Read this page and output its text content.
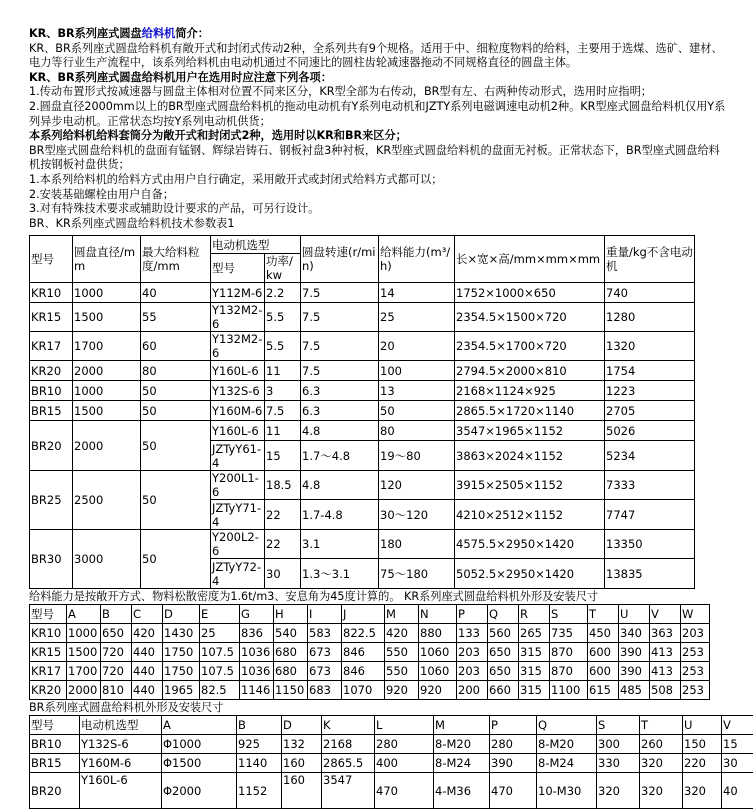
KR、BR系列座式圆盘给料机简介：

KR、BR系列座式圆盘给料机有敞开式和封闭式传动2种，全系列共有9个规格。适用于中、细粒度物料的给料，主要用于选煤、选矿、建材、电力等行业生产流程中，该系列给料机由电动机通过不同速比的圆柱齿轮减速器拖动不同规格直径的圆盘主体。

KR、BR系列座式圆盘给料机用户在选用时应注意下列各项：

1.传动布置形式按减速器与圆盘主体相对位置不同来区分，KR型全部为右传动，BR型有左、右两种传动形式，选用时应指明；

2.圆盘直径2000mm以上的BR型座式圆盘给料机的拖动电动机有Y系列电动机和JZTY系列电磁调速电动机2种。KR型座式圆盘给料机仅用Y系列异步电动机。正常状态均按Y系列电动机供货；

本系列给料机给料套筒分为敞开式和封闭式2种，选用时以KR和BR来区分；

BR型座式圆盘给料机的盘面有锰钢、辉绿岩铸石、钢板衬盘3种衬板，KR型座式圆盘给料机的盘面无衬板。正常状态下，BR型座式圆盘给料机按钢板衬盘供货；

1.本系列给料机的给料方式由用户自行确定，采用敞开式或封闭式给料方式都可以；

2.安装基础螺栓由用户自备；

3.对有特殊技术要求或辅助设计要求的产品，可另行设计。

BR、KR系列座式圆盘给料机技术参数表1

型号	圆盘直径/mm	最大给料粒度/mm	电动机选型		圆盘转速(r/min)	给料能力(m³/h)	长×宽×高/mm×mm×mm	重量/kg不含电动机
			型号	功率/kw				
KR10	1000	40	Y112M-6	2.2	7.5	14	1752×1000×650	740
KR15	1500	55	Y132M2-6	5.5	7.5	25	2354.5×1500×720	1280
KR17	1700	60	Y132M2-6	5.5	7.5	20	2354.5×1700×720	1320
KR20	2000	80	Y160L-6	11	7.5	100	2794.5×2000×810	1754
BR10	1000	50	Y132S-6	3	6.3	13	2168×1124×925	1223
BR15	1500	50	Y160M-6	7.5	6.3	50	2865.5×1720×1140	2705
BR20	2000	50	Y160L-6	11	4.8	80	3547×1965×1152	5026
			JZTyY61-4	15	1.7～4.8	19～80	3863×2024×1152	5234
BR25	2500	50	Y200L1-6	18.5	4.8	120	3915×2505×1152	7333
			JZTyY71-4	22	1.7-4.8	30～120	4210×2512×1152	7747
BR30	3000	50	Y200L2-6	22	3.1	180	4575.5×2950×1420	13350
			JZTyY72-4	30	1.3～3.1	75～180	5052.5×2950×1420	13835

给料能力是按敞开方式、物料松散密度为1.6t/m3、安息角为45度计算的。 KR系列座式圆盘给料机外形及安装尺寸

型号	A	B	C	D	E	G	H	I	J	M	N	P	Q	R	S	T	U	V	W
KR10	1000	650	420	1430	25	836	540	583	822.5	420	880	133	560	265	735	450	340	363	203
KR15	1500	720	440	1750	107.5	1036	680	673	846	550	1060	203	650	315	870	600	390	413	253
KR17	1700	720	440	1750	107.5	1036	680	673	846	550	1060	203	650	315	870	600	390	413	253
KR20	2000	810	440	1965	82.5	1146	1150	683	1070	920	920	200	660	315	1100	615	485	508	253

BR系列座式圆盘给料机外形及安装尺寸

型号	电动机选型	A	B	D	K	L	M	P	Q	S	T	U	V
BR10	Y132S-6	Φ1000	925	132	2168	280	8-M20	280	8-M20	300	260	150	15
BR15	Y160M-6	Φ1500	1140	160	2865.5	400	8-M24	390	8-M24	330	320	220	30
BR20	Y160L-6	Φ2000	1152	160	3547	470	4-M36	470	10-M30	320	320	320	40
